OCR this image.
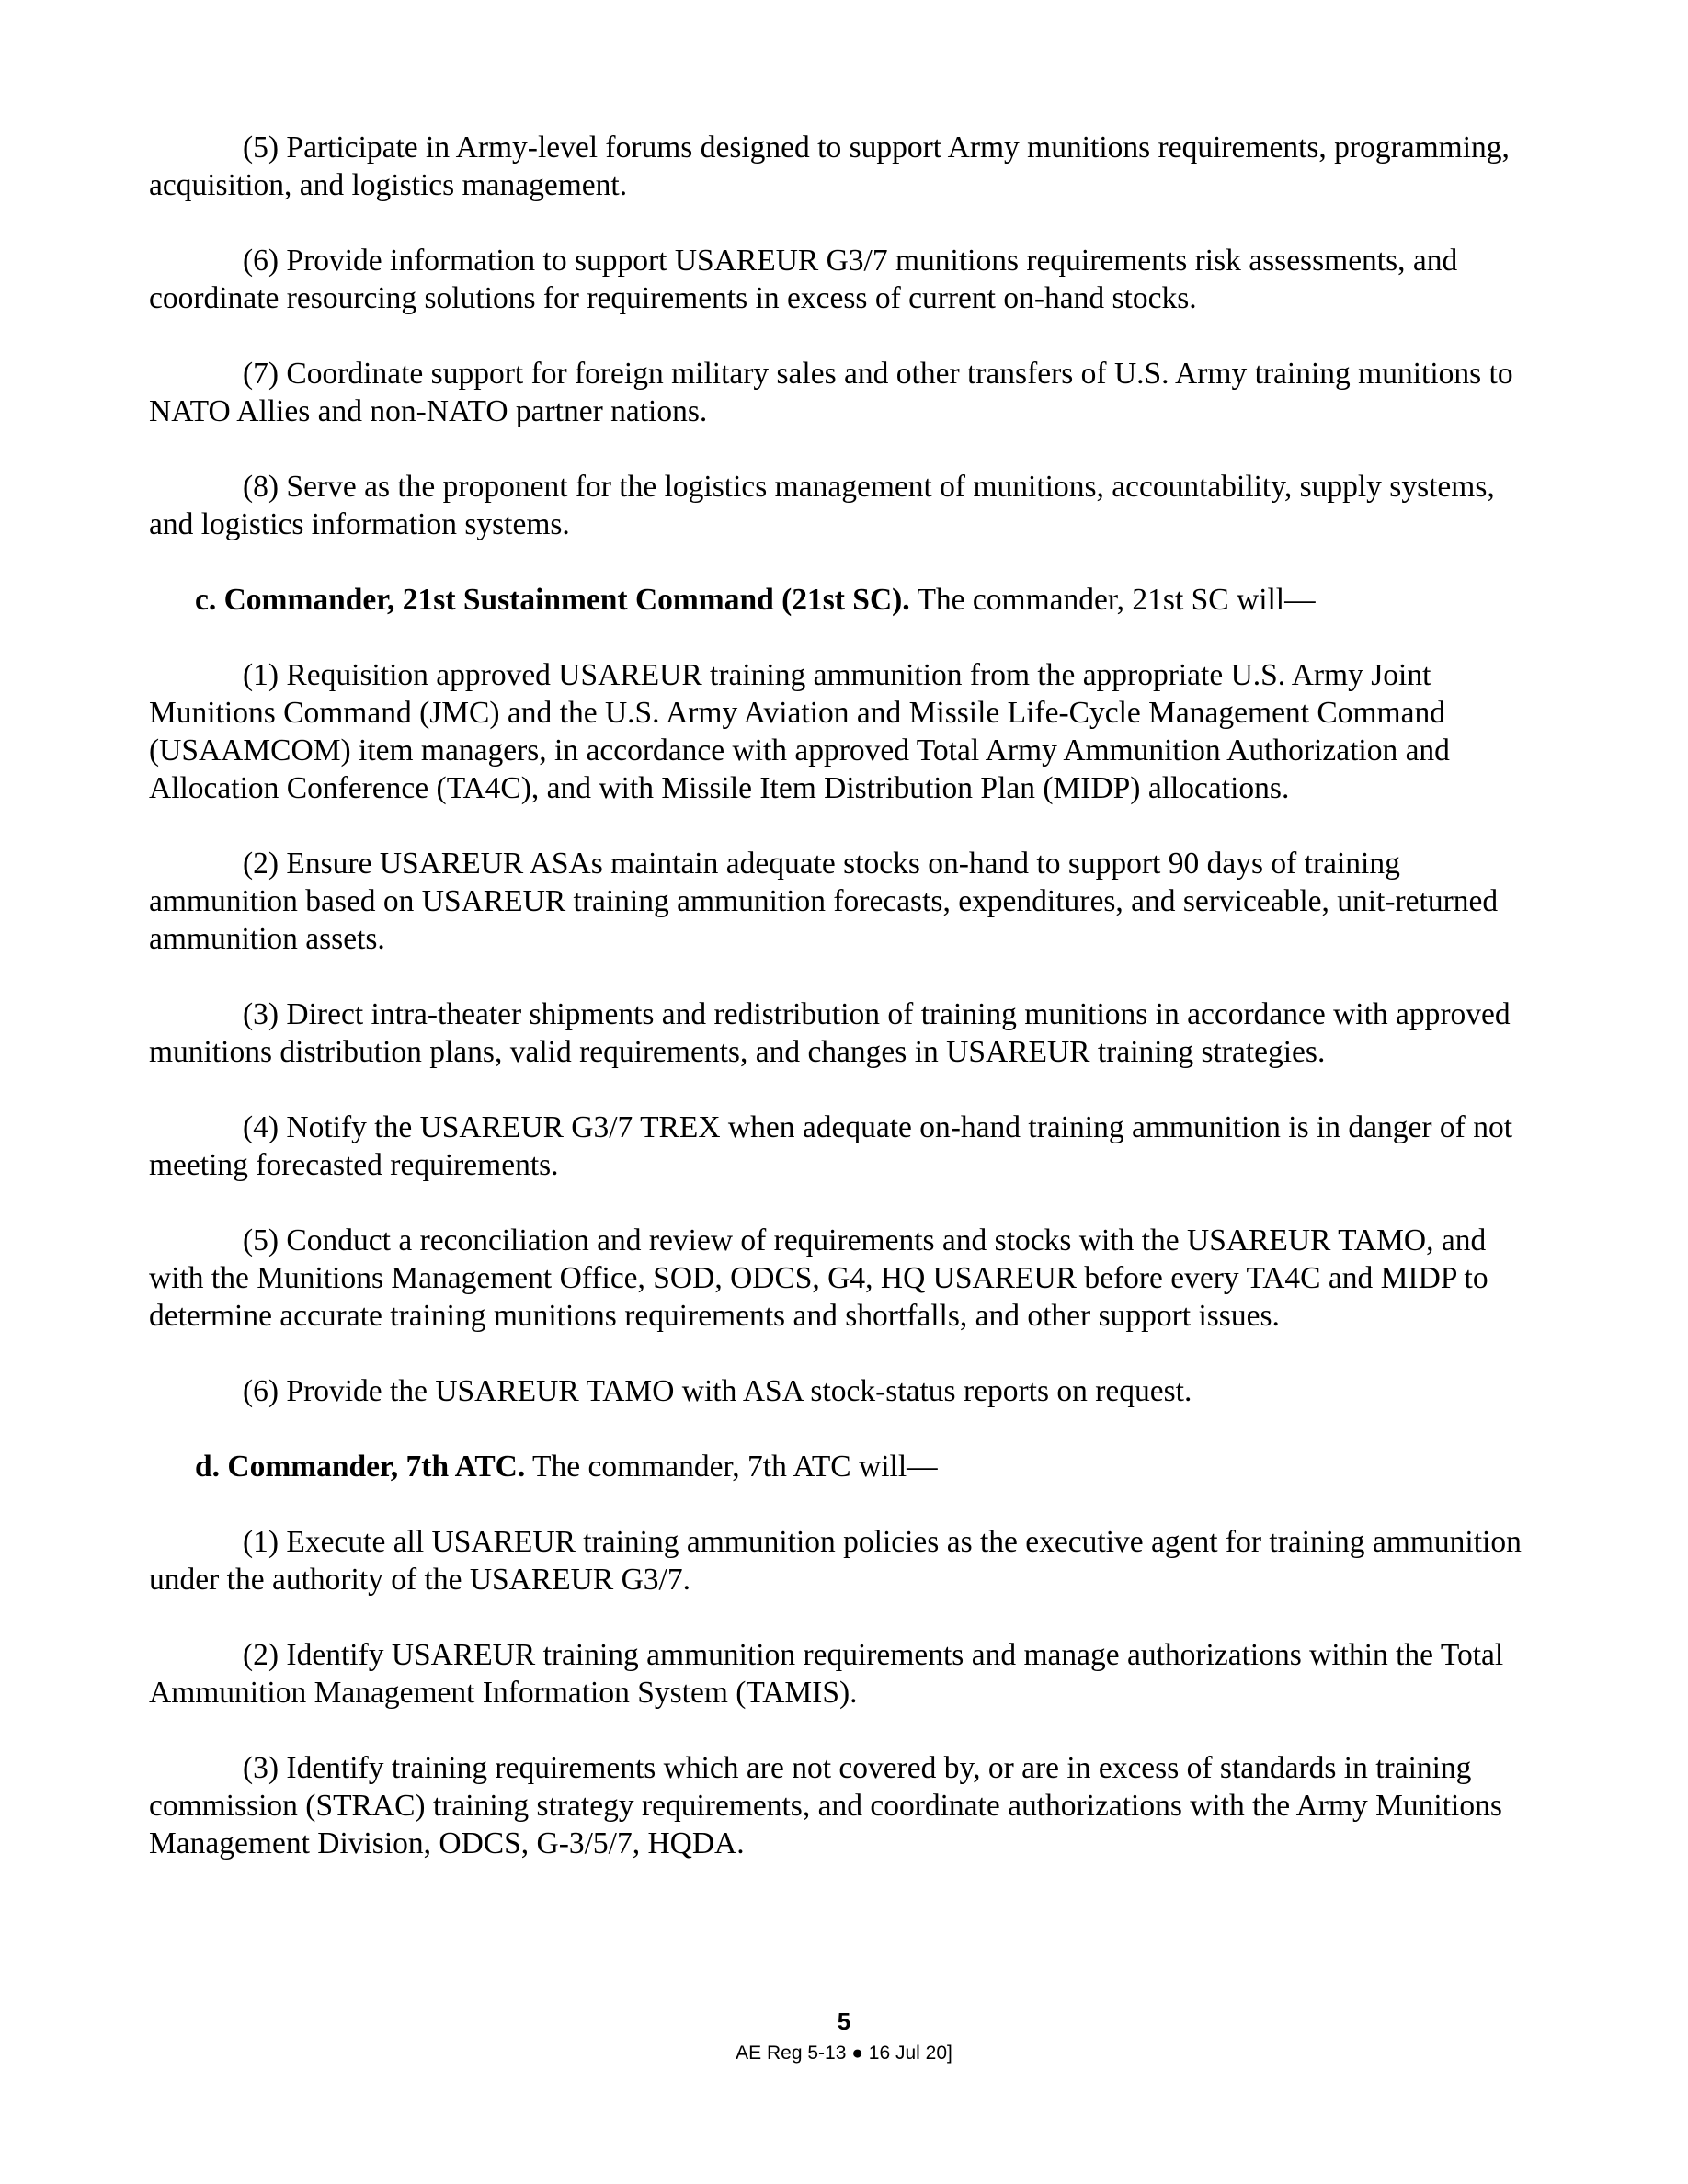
(5) Participate in Army-level forums designed to support Army munitions requirements, programming, acquisition, and logistics management.

(6) Provide information to support USAREUR G3/7 munitions requirements risk assessments, and coordinate resourcing solutions for requirements in excess of current on-hand stocks.

(7) Coordinate support for foreign military sales and other transfers of U.S. Army training munitions to NATO Allies and non-NATO partner nations.

(8) Serve as the proponent for the logistics management of munitions, accountability, supply systems, and logistics information systems.

c. Commander, 21st Sustainment Command (21st SC). The commander, 21st SC will—

(1) Requisition approved USAREUR training ammunition from the appropriate U.S. Army Joint Munitions Command (JMC) and the U.S. Army Aviation and Missile Life-Cycle Management Command (USAAMCOM) item managers, in accordance with approved Total Army Ammunition Authorization and Allocation Conference (TA4C), and with Missile Item Distribution Plan (MIDP) allocations.

(2) Ensure USAREUR ASAs maintain adequate stocks on-hand to support 90 days of training ammunition based on USAREUR training ammunition forecasts, expenditures, and serviceable, unit-returned ammunition assets.

(3) Direct intra-theater shipments and redistribution of training munitions in accordance with approved munitions distribution plans, valid requirements, and changes in USAREUR training strategies.

(4) Notify the USAREUR G3/7 TREX when adequate on-hand training ammunition is in danger of not meeting forecasted requirements.

(5) Conduct a reconciliation and review of requirements and stocks with the USAREUR TAMO, and with the Munitions Management Office, SOD, ODCS, G4, HQ USAREUR before every TA4C and MIDP to determine accurate training munitions requirements and shortfalls, and other support issues.

(6) Provide the USAREUR TAMO with ASA stock-status reports on request.

d. Commander, 7th ATC. The commander, 7th ATC will—

(1) Execute all USAREUR training ammunition policies as the executive agent for training ammunition under the authority of the USAREUR G3/7.

(2) Identify USAREUR training ammunition requirements and manage authorizations within the Total Ammunition Management Information System (TAMIS).

(3) Identify training requirements which are not covered by, or are in excess of standards in training commission (STRAC) training strategy requirements, and coordinate authorizations with the Army Munitions Management Division, ODCS, G-3/5/7, HQDA.

5
AE Reg 5-13 ● 16 Jul 20]
